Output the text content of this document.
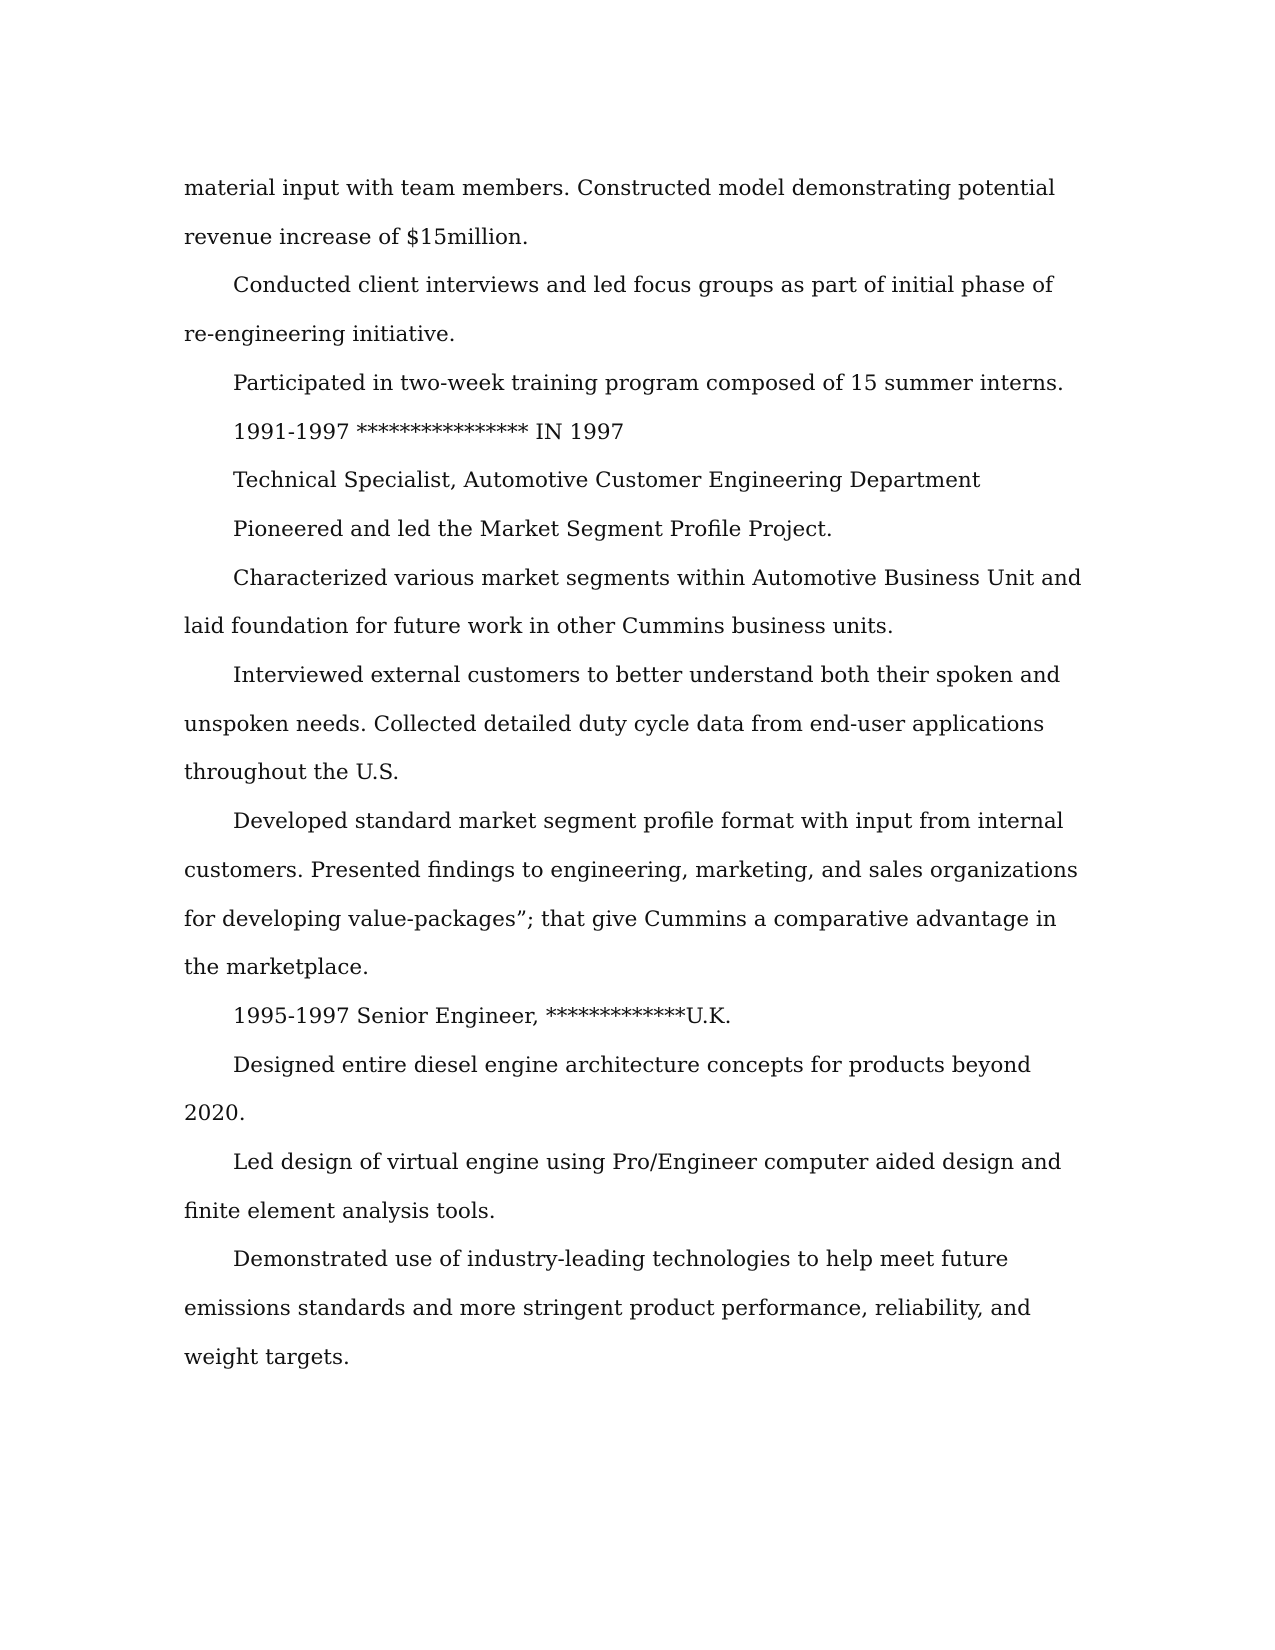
material input with team members. Constructed model demonstrating potential revenue increase of $15million.

Conducted client interviews and led focus groups as part of initial phase of re-engineering initiative.

Participated in two-week training program composed of 15 summer interns.

1991-1997 **************** IN 1997

Technical Specialist, Automotive Customer Engineering Department

Pioneered and led the Market Segment Profile Project.

Characterized various market segments within Automotive Business Unit and laid foundation for future work in other Cummins business units.

Interviewed external customers to better understand both their spoken and unspoken needs. Collected detailed duty cycle data from end-user applications throughout the U.S.

Developed standard market segment profile format with input from internal customers. Presented findings to engineering, marketing, and sales organizations for developing value-packages”; that give Cummins a comparative advantage in the marketplace.

1995-1997 Senior Engineer, *************U.K.

Designed entire diesel engine architecture concepts for products beyond 2020.

Led design of virtual engine using Pro/Engineer computer aided design and finite element analysis tools.

Demonstrated use of industry-leading technologies to help meet future emissions standards and more stringent product performance, reliability, and weight targets.
